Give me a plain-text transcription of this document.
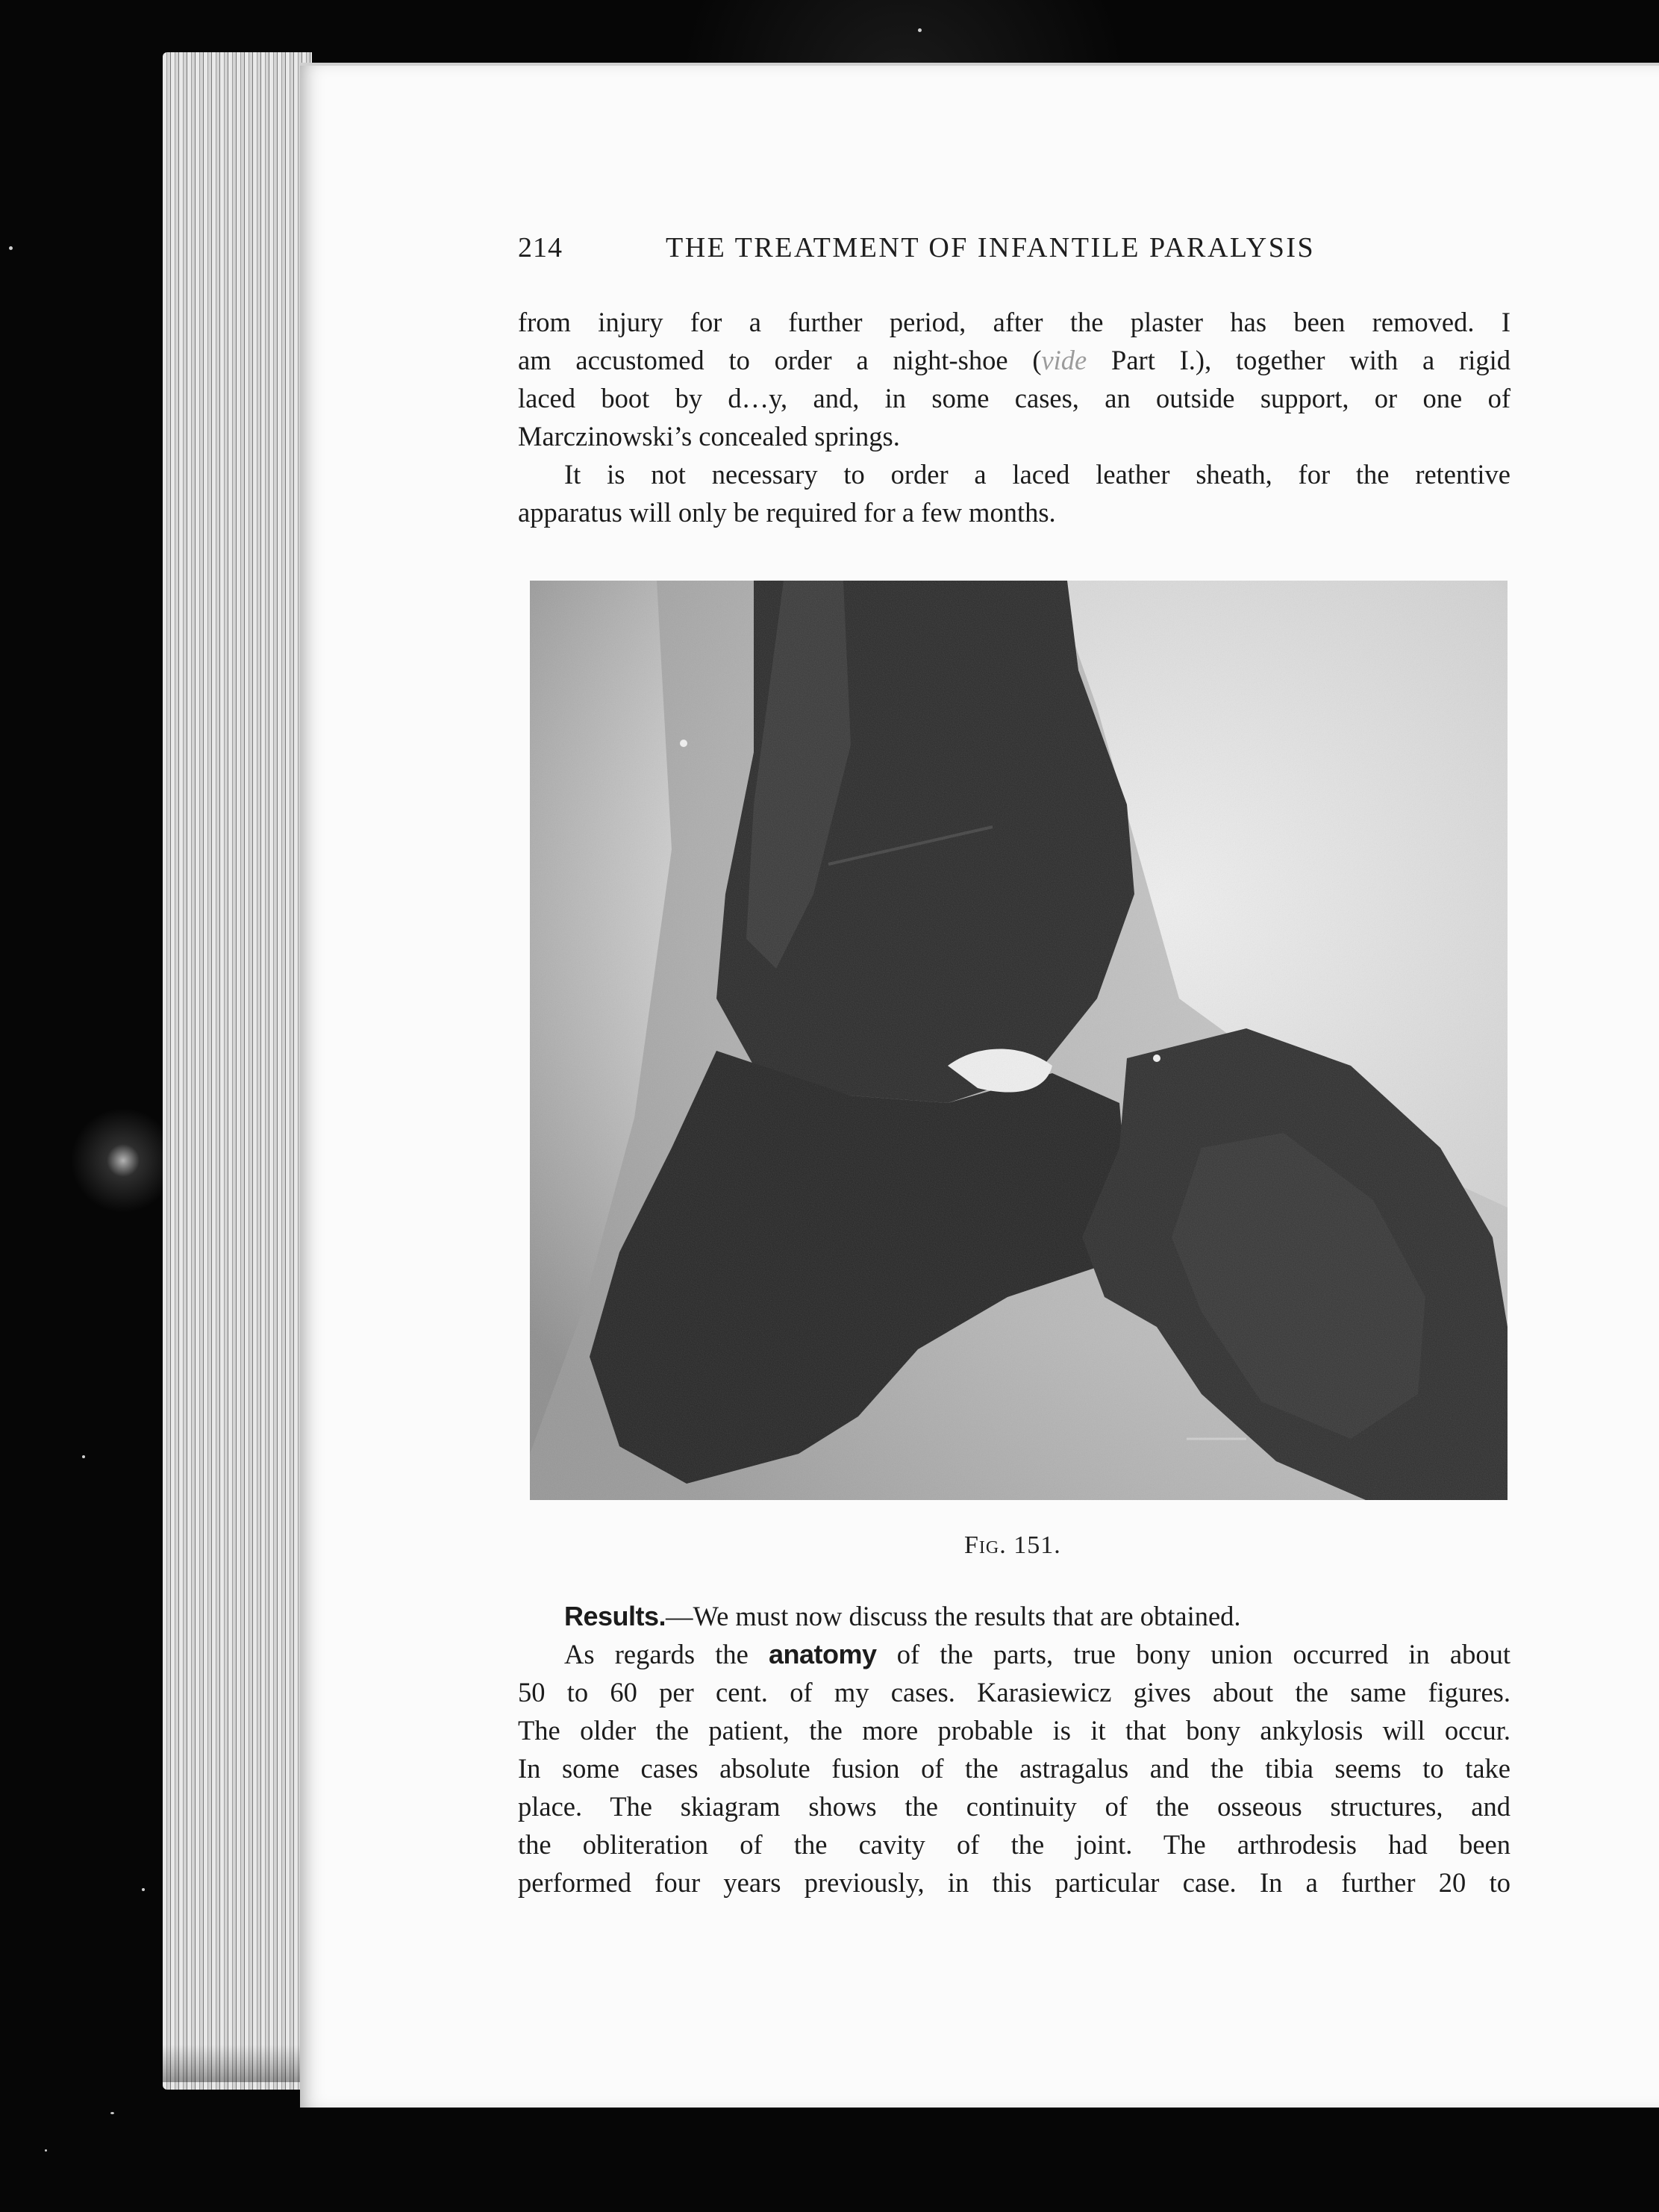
214	THE TREATMENT OF INFANTILE PARALYSIS
from injury for a further period, after the plaster has been removed. I
am accustomed to order a night-shoe (vide Part I.), together with a rigid
laced boot by d…y, and, in some cases, an outside support, or one of
Marczinowski’s concealed springs.
It is not necessary to order a laced leather sheath, for the retentive
apparatus will only be required for a few months.
Fig. 151.
Results.—We must now discuss the results that are obtained.
As regards the anatomy of the parts, true bony union occurred in about
50 to 60 per cent. of my cases. Karasiewicz gives about the same figures.
The older the patient, the more probable is it that bony ankylosis will occur.
In some cases absolute fusion of the astragalus and the tibia seems to take
place. The skiagram shows the continuity of the osseous structures, and
the obliteration of the cavity of the joint. The arthrodesis had been
performed four years previously, in this particular case. In a further 20 to
